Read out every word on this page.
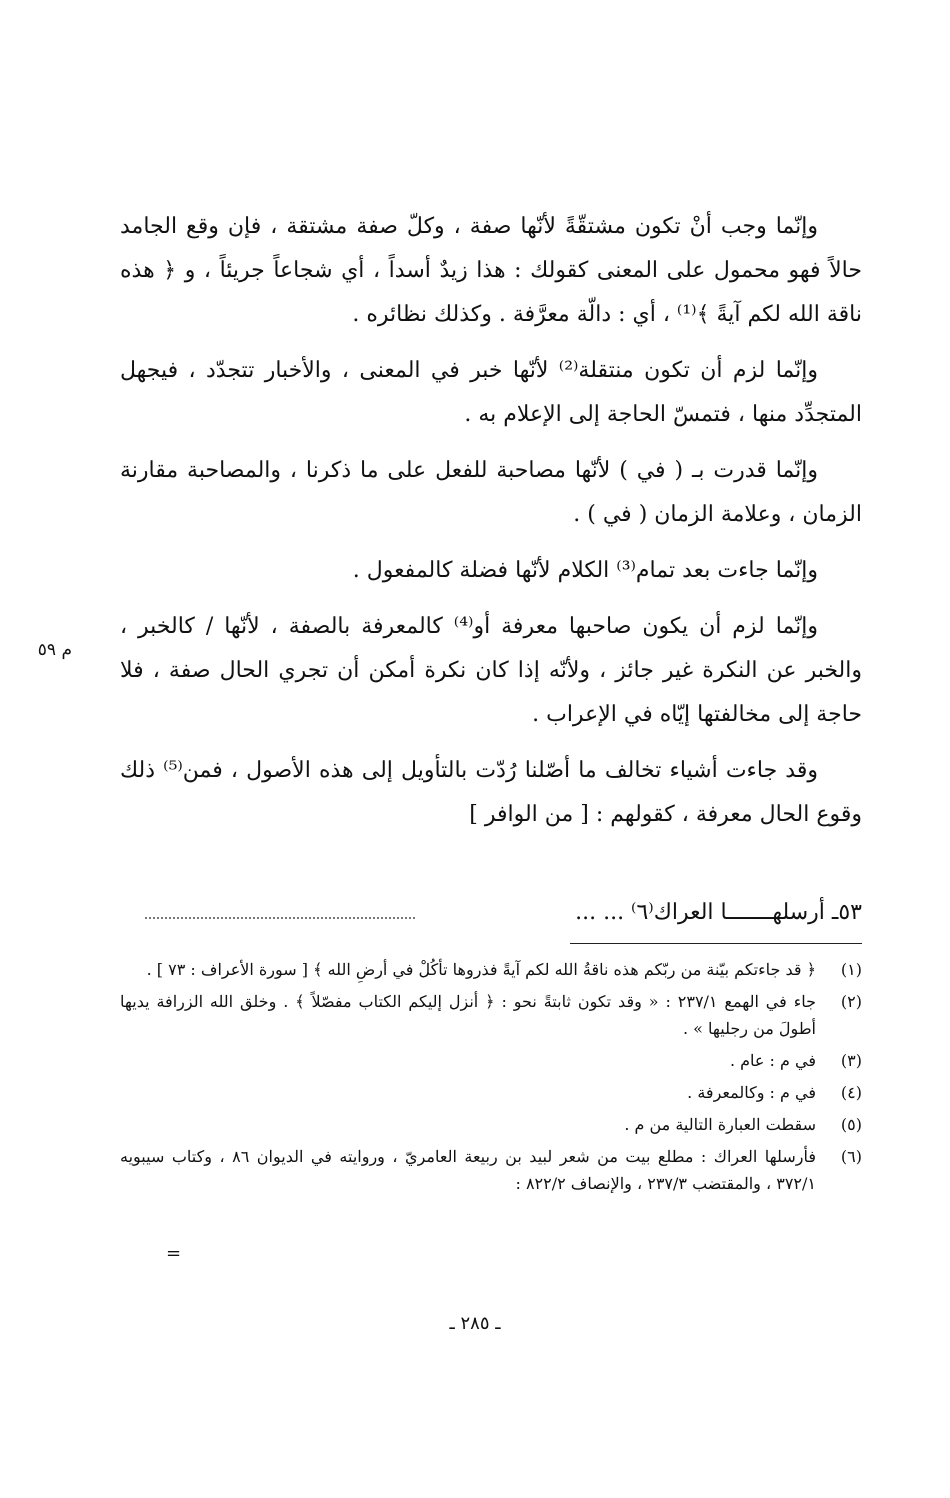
وإنّما وجب أنْ تكون مشتقّةً لأنّها صفة ، وكلّ صفة مشتقة ، فإن وقع الجامد حالاً فهو محمول على المعنى كقولك : هذا زيدٌ أسداً ، أي شجاعاً جريئاً ، و ﴿ هذه ناقة الله لكم آيةً ﴾⁽¹⁾ ، أي : دالّة معرَّفة . وكذلك نظائره .

وإنّما لزم أن تكون منتقلة⁽²⁾ لأنّها خبر في المعنى ، والأخبار تتجدّد ، فيجهل المتجدِّد منها ، فتمسّ الحاجة إلى الإعلام به .

وإنّما قدرت بـ ( في ) لأنّها مصاحبة للفعل على ما ذكرنا ، والمصاحبة مقارنة الزمان ، وعلامة الزمان ( في ) .

وإنّما جاءت بعد تمام⁽³⁾ الكلام لأنّها فضلة كالمفعول .

وإنّما لزم أن يكون صاحبها معرفة أو⁽⁴⁾ كالمعرفة بالصفة ، لأنّها / كالخبر ، والخبر عن النكرة غير جائز ، ولأنّه إذا كان نكرة أمكن أن تجري الحال صفة ، فلا حاجة إلى مخالفتها إيّاه في الإعراب .

وقد جاءت أشياء تخالف ما أصّلنا رُدّت بالتأويل إلى هذه الأصول ، فمن⁽⁵⁾ ذلك وقوع الحال معرفة ، كقولهم : [ من الوافر ]

م ٥٩
٥٣ـ أرسلهـــــــا العراك⁽٦⁾ ... ...
(١)
﴿ قد جاءتكم بيّنة من ربّكم هذه ناقةُ الله لكم آيةً فذروها تأكُلْ في أرضِ الله ﴾ [ سورة الأعراف : ٧٣ ] .
(٢)
جاء في الهمع ٢٣٧/١ : « وقد تكون ثابتةً نحو : ﴿ أنزل إليكم الكتاب مفصّلاً ﴾ . وخلق الله الزرافة يديها أطولَ من رجليها » .
(٣)
في م : عام .
(٤)
في م : وكالمعرفة .
(٥)
سقطت العبارة التالية من م .
(٦)
فأرسلها العراك : مطلع بيت من شعر لبيد بن ربيعة العامريّ ، وروايته في الديوان ٨٦ ، وكتاب سيبويه ٣٧٢/١ ، والمقتضب ٢٣٧/٣ ، والإنصاف ٨٢٢/٢ :
=
ـ ٢٨٥ ـ
